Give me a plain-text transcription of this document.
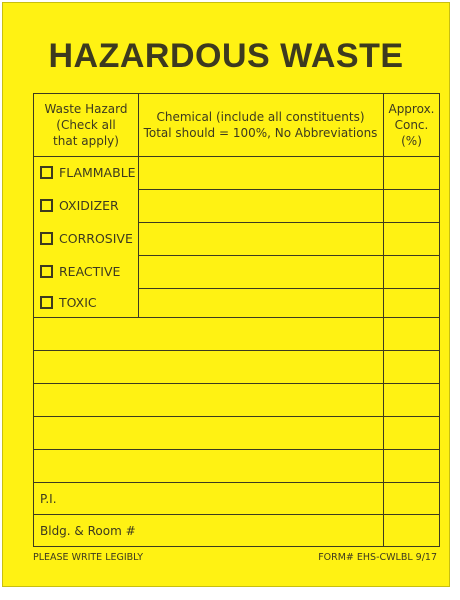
HAZARDOUS WASTE
Waste Hazard
(Check all
that apply)
Chemical (include all constituents)
Total should = 100%, No Abbreviations
Approx.
Conc.
(%)
FLAMMABLE
OXIDIZER
CORROSIVE
REACTIVE
TOXIC
P.I.
Bldg. & Room #
PLEASE WRITE LEGIBLY	FORM# EHS-CWLBL 9/17
